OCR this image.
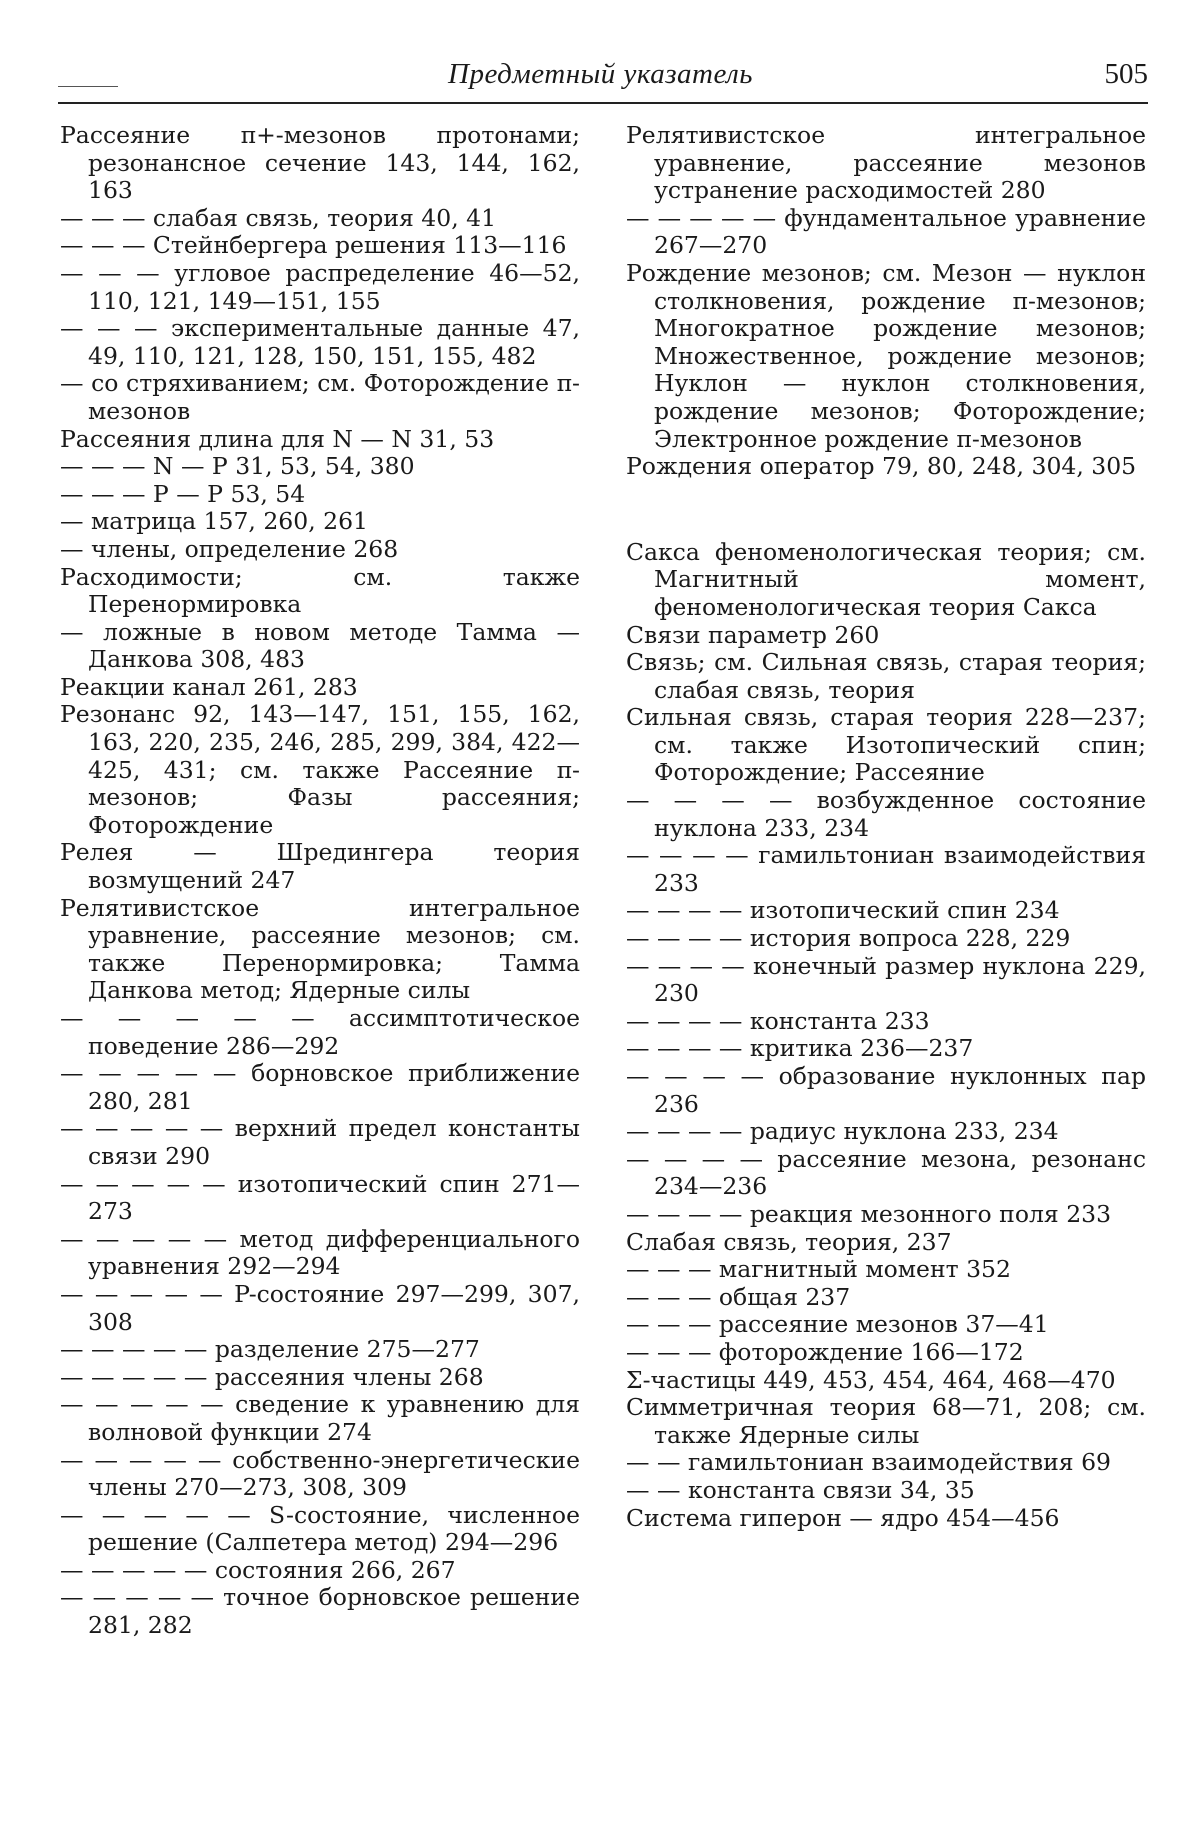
Предметный указатель	505

Рассеяние π+-мезонов протонами; резонансное сечение 143, 144, 162, 163

— — — слабая связь, теория 40, 41

— — — Стейнбергера решения 113—116

— — — угловое распределение 46—52, 110, 121, 149—151, 155

— — — экспериментальные данные 47, 49, 110, 121, 128, 150, 151, 155, 482

— со стряхиванием; см. Фоторождение π-мезонов

Рассеяния длина для N — N 31, 53

— — — N — P 31, 53, 54, 380

— — — P — P 53, 54

— матрица 157, 260, 261

— члены, определение 268

Расходимости; см. также Перенормировка

— ложные в новом методе Тамма — Данкова 308, 483

Реакции канал 261, 283

Резонанс 92, 143—147, 151, 155, 162, 163, 220, 235, 246, 285, 299, 384, 422—425, 431; см. также Рассеяние π-мезонов; Фазы рассеяния; Фоторождение

Релея — Шредингера теория возмущений 247

Релятивистское интегральное уравнение, рассеяние мезонов; см. также Перенормировка; Тамма Данкова метод; Ядерные силы

— — — — — ассимптотическое поведение 286—292

— — — — — борновское приближение 280, 281

— — — — — верхний предел константы связи 290

— — — — — изотопический спин 271—273

— — — — — метод дифференциального уравнения 292—294

— — — — — P-состояние 297—299, 307, 308

— — — — — разделение 275—277

— — — — — рассеяния члены 268

— — — — — сведение к уравнению для волновой функции 274

— — — — — собственно-энергетические члены 270—273, 308, 309

— — — — — S-состояние, численное решение (Салпетера метод) 294—296

— — — — — состояния 266, 267

— — — — — точное борновское решение 281, 282

Релятивистское интегральное уравнение, рассеяние мезонов устранение расходимостей 280

— — — — — фундаментальное уравнение 267—270

Рождение мезонов; см. Мезон — нуклон столкновения, рождение π-мезонов; Многократное рождение мезонов; Множественное, рождение мезонов; Нуклон — нуклон столкновения, рождение мезонов; Фоторождение; Электронное рождение π-мезонов

Рождения оператор 79, 80, 248, 304, 305

Сакса феноменологическая теория; см. Магнитный момент, феноменологическая теория Сакса

Связи параметр 260

Связь; см. Сильная связь, старая теория; слабая связь, теория

Сильная связь, старая теория 228—237; см. также Изотопический спин; Фоторождение; Рассеяние

— — — — возбужденное состояние нуклона 233, 234

— — — — гамильтониан взаимодействия 233

— — — — изотопический спин 234

— — — — история вопроса 228, 229

— — — — конечный размер нуклона 229, 230

— — — — константа 233

— — — — критика 236—237

— — — — образование нуклонных пар 236

— — — — радиус нуклона 233, 234

— — — — рассеяние мезона, резонанс 234—236

— — — — реакция мезонного поля 233

Слабая связь, теория, 237

— — — магнитный момент 352

— — — общая 237

— — — рассеяние мезонов 37—41

— — — фоторождение 166—172

Σ-частицы 449, 453, 454, 464, 468—470

Симметричная теория 68—71, 208; см. также Ядерные силы

— — гамильтониан взаимодействия 69

— — константа связи 34, 35

Система гиперон — ядро 454—456
